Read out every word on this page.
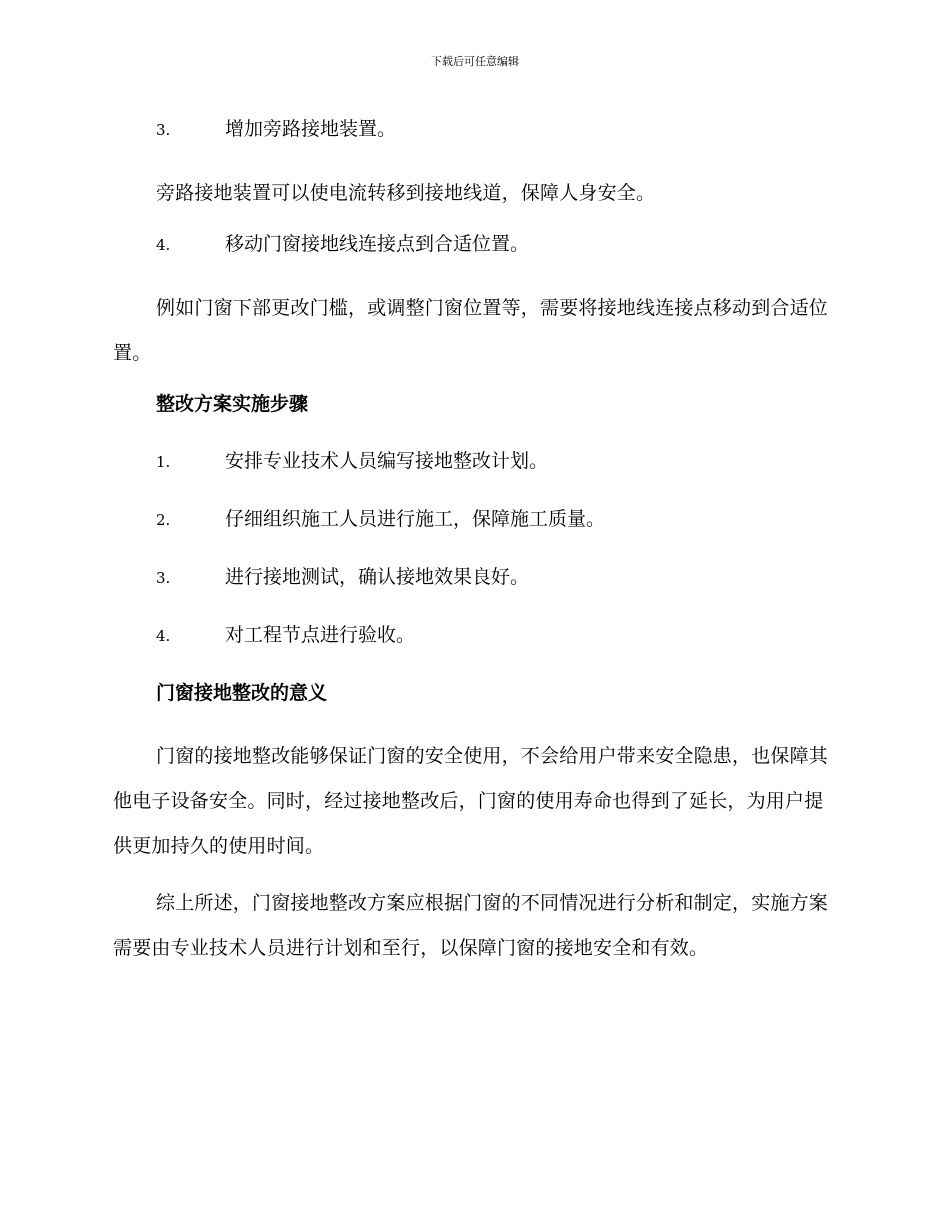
下载后可任意编辑
3.	增加旁路接地装置。

旁路接地装置可以使电流转移到接地线道，保障人身安全。

4.	移动门窗接地线连接点到合适位置。

例如门窗下部更改门槛，或调整门窗位置等，需要将接地线连接点移动到合适位置。

整改方案实施步骤
1.	安排专业技术人员编写接地整改计划。
2.	仔细组织施工人员进行施工，保障施工质量。
3.	进行接地测试，确认接地效果良好。
4.	对工程节点进行验收。
门窗接地整改的意义

门窗的接地整改能够保证门窗的安全使用，不会给用户带来安全隐患，也保障其他电子设备安全。同时，经过接地整改后，门窗的使用寿命也得到了延长，为用户提供更加持久的使用时间。

综上所述，门窗接地整改方案应根据门窗的不同情况进行分析和制定，实施方案需要由专业技术人员进行计划和至行，以保障门窗的接地安全和有效。
